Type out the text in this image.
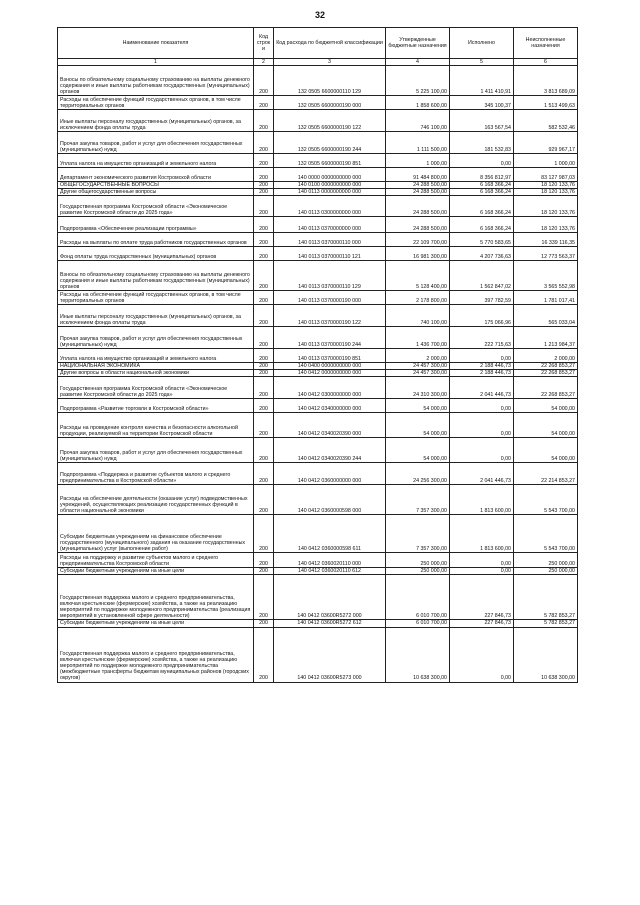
32
Наименование показателя	Код строк и	Код расхода по бюджетной классификации	Утвержденные бюджетные назначения	Исполнено	Неисполненные назначения
1	2	3	4	5	6
Взносы по обязательному социальному страхованию на выплаты денежного содержания и иные выплаты работникам государственных (муниципальных) органов	200	132 0505 6600000110 129	5 225 100,00	1 411 410,91	3 813 689,09
Расходы на обеспечение функций государственных органов, в том числе территориальных органов	200	132 0505 6600000190 000	1 858 600,00	345 100,37	1 513 499,63
Иные выплаты персоналу государственных (муниципальных) органов, за исключением фонда оплаты труда	200	132 0505 6600000190 122	746 100,00	163 567,54	582 532,46
Прочая закупка товаров, работ и услуг для обеспечения государственных (муниципальных) нужд	200	132 0505 6600000190 244	1 111 500,00	181 532,83	929 967,17
Уплата налога на имущество организаций и земельного налога	200	132 0505 6600000190 851	1 000,00	0,00	1 000,00
Департамент экономического развития Костромской области	200	140 0000 0000000000 000	91 484 800,00	8 356 812,97	83 127 987,03
ОБЩЕГОСУДАРСТВЕННЫЕ ВОПРОСЫ	200	140 0100 0000000000 000	24 288 500,00	6 168 366,24	18 120 133,76
Другие общегосударственные вопросы	200	140 0113 0000000000 000	24 288 500,00	6 168 366,24	18 120 133,76
Государственная программа Костромской области «Экономическое развитие Костромской области до 2025 года»	200	140 0113 0300000000 000	24 288 500,00	6 168 366,24	18 120 133,76
Подпрограмма «Обеспечение реализации программы»	200	140 0113 0370000000 000	24 288 500,00	6 168 366,24	18 120 133,76
Расходы на выплаты по оплате труда работников государственных органов	200	140 0113 0370000110 000	22 109 700,00	5 770 583,65	16 339 116,35
Фонд оплаты труда государственных (муниципальных) органов	200	140 0113 0370000110 121	16 981 300,00	4 207 736,63	12 773 563,37
Взносы по обязательному социальному страхованию на выплаты денежного содержания и иные выплаты работникам государственных (муниципальных) органов	200	140 0113 0370000110 129	5 128 400,00	1 562 847,02	3 565 552,98
Расходы на обеспечение функций государственных органов, в том числе территориальных органов	200	140 0113 0370000190 000	2 178 800,00	397 782,59	1 781 017,41
Иные выплаты персоналу государственных (муниципальных) органов, за исключением фонда оплаты труда	200	140 0113 0370000190 122	740 100,00	175 066,96	565 033,04
Прочая закупка товаров, работ и услуг для обеспечения государственных (муниципальных) нужд	200	140 0113 0370000190 244	1 436 700,00	222 715,63	1 213 984,37
Уплата налога на имущество организаций и земельного налога	200	140 0113 0370000190 851	2 000,00	0,00	2 000,00
НАЦИОНАЛЬНАЯ ЭКОНОМИКА	200	140 0400 0000000000 000	24 457 300,00	2 188 446,73	22 268 853,27
Другие вопросы в области национальной экономики	200	140 0412 0000000000 000	24 457 300,00	2 188 446,73	22 268 853,27
Государственная программа Костромской области «Экономическое развитие Костромской области до 2025 года»	200	140 0412 0300000000 000	24 310 300,00	2 041 446,73	22 268 853,27
Подпрограмма «Развитие торговли в Костромской области»	200	140 0412 0340000000 000	54 000,00	0,00	54 000,00
Расходы на проведение контроля качества и безопасности алкогольной продукции, реализуемой на территории Костромской области	200	140 0412 0340020390 000	54 000,00	0,00	54 000,00
Прочая закупка товаров, работ и услуг для обеспечения государственных (муниципальных) нужд	200	140 0412 0340020390 244	54 000,00	0,00	54 000,00
Подпрограмма «Поддержка и развитие субъектов малого и среднего предпринимательства в Костромской области»	200	140 0412 0360000000 000	24 256 300,00	2 041 446,73	22 214 853,27
Расходы на обеспечение деятельности (оказание услуг) подведомственных учреждений, осуществляющих реализацию государственных функций в области национальной экономики	200	140 0412 0360000598 000	7 357 300,00	1 813 600,00	5 543 700,00
Субсидии бюджетным учреждениям на финансовое обеспечение государственного (муниципального) задания на оказание государственных (муниципальных) услуг (выполнение работ)	200	140 0412 0360000598 611	7 357 300,00	1 813 600,00	5 543 700,00
Расходы на поддержку и развитие субъектов малого и среднего предпринимательства Костромской области	200	140 0412 0360020110 000	250 000,00	0,00	250 000,00
Субсидии бюджетным учреждениям на иные цели	200	140 0412 0360020110 612	250 000,00	0,00	250 000,00
Государственная поддержка малого и среднего предпринимательства, включая крестьянские (фермерские) хозяйства, а также на реализацию мероприятий по поддержке молодежного предпринимательства (реализация мероприятий в установленной сфере деятельности)	200	140 0412 03600R5272 000	6 010 700,00	227 846,73	5 782 853,27
Субсидии бюджетным учреждениям на иные цели	200	140 0412 03600R5272 612	6 010 700,00	227 846,73	5 782 853,27
Государственная поддержка малого и среднего предпринимательства, включая крестьянские (фермерские) хозяйства, а также на реализацию мероприятий по поддержке молодежного предпринимательства (межбюджетные трансферты бюджетам муниципальных районов (городских округов)	200	140 0412 03600R5273 000	10 638 300,00	0,00	10 638 300,00
